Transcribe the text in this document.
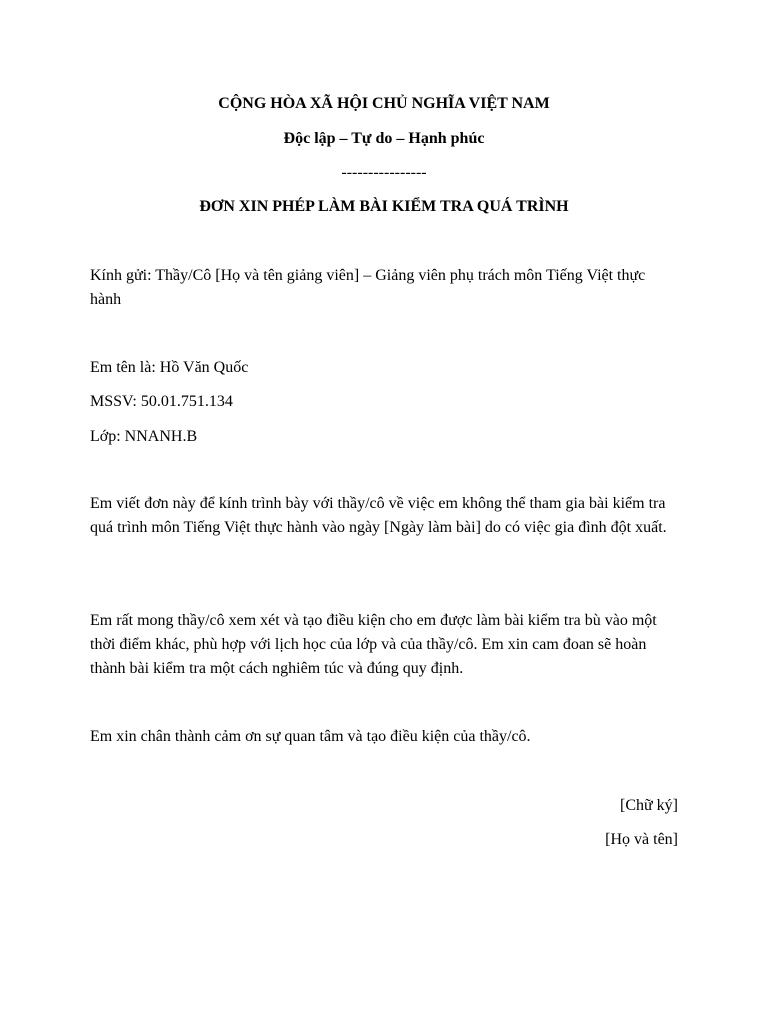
CỘNG HÒA XÃ HỘI CHỦ NGHĨA VIỆT NAM
Độc lập – Tự do – Hạnh phúc
----------------
ĐƠN XIN PHÉP LÀM BÀI KIỂM TRA QUÁ TRÌNH

Kính gửi: Thầy/Cô [Họ và tên giảng viên] – Giảng viên phụ trách môn Tiếng Việt thực hành

Em tên là: Hồ Văn Quốc

MSSV: 50.01.751.134

Lớp: NNANH.B

Em viết đơn này để kính trình bày với thầy/cô về việc em không thể tham gia bài kiểm tra quá trình môn Tiếng Việt thực hành vào ngày [Ngày làm bài] do có việc gia đình đột xuất.

Em rất mong thầy/cô xem xét và tạo điều kiện cho em được làm bài kiểm tra bù vào một thời điểm khác, phù hợp với lịch học của lớp và của thầy/cô. Em xin cam đoan sẽ hoàn thành bài kiểm tra một cách nghiêm túc và đúng quy định.

Em xin chân thành cảm ơn sự quan tâm và tạo điều kiện của thầy/cô.

[Chữ ký]
[Họ và tên]
